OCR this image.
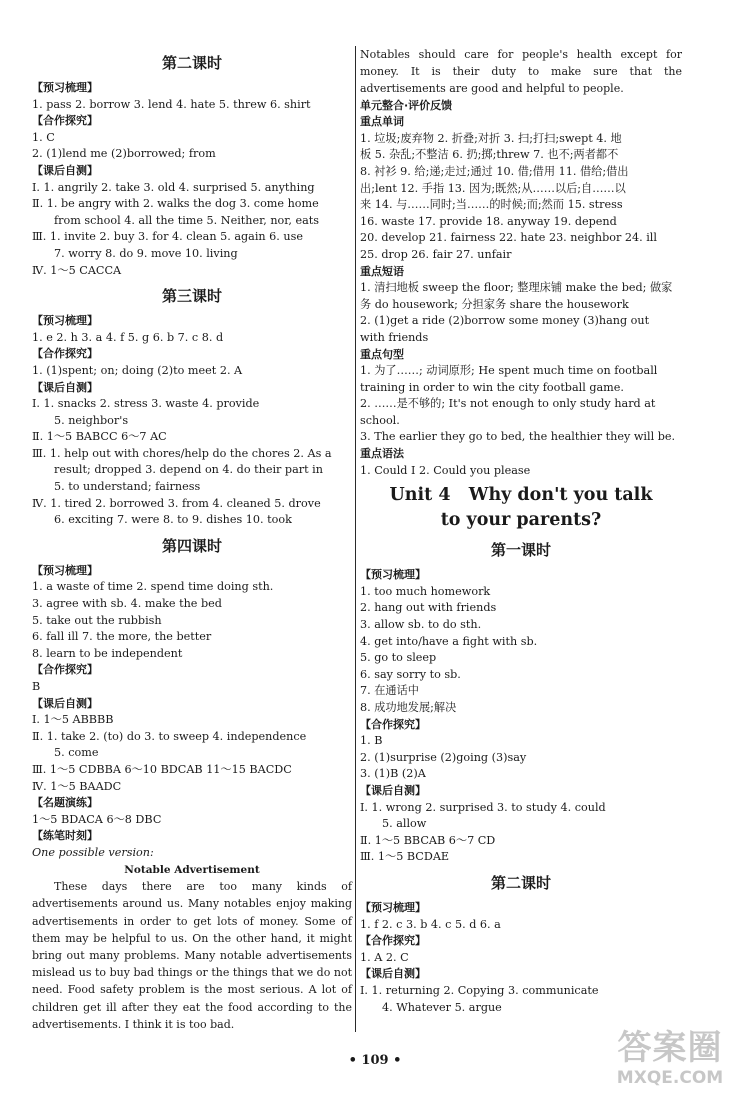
第二课时
【预习梳理】
1. pass 2. borrow 3. lend 4. hate 5. threw 6. shirt
【合作探究】
1. C
2. (1)lend me (2)borrowed; from
【课后自测】
Ⅰ. 1. angrily 2. take 3. old 4. surprised 5. anything
Ⅱ. 1. be angry with 2. walks the dog 3. come home
from school 4. all the time 5. Neither, nor, eats
Ⅲ. 1. invite 2. buy 3. for 4. clean 5. again 6. use
7. worry 8. do 9. move 10. living
Ⅳ. 1～5 CACCA
第三课时
【预习梳理】
1. e 2. h 3. a 4. f 5. g 6. b 7. c 8. d
【合作探究】
1. (1)spent; on; doing (2)to meet 2. A
【课后自测】
Ⅰ. 1. snacks 2. stress 3. waste 4. provide
5. neighbor's
Ⅱ. 1～5 BABCC 6～7 AC
Ⅲ. 1. help out with chores/help do the chores 2. As a
result; dropped 3. depend on 4. do their part in
5. to understand; fairness
Ⅳ. 1. tired 2. borrowed 3. from 4. cleaned 5. drove
6. exciting 7. were 8. to 9. dishes 10. took
第四课时
【预习梳理】
1. a waste of time 2. spend time doing sth.
3. agree with sb. 4. make the bed
5. take out the rubbish
6. fall ill 7. the more, the better
8. learn to be independent
【合作探究】
B
【课后自测】
Ⅰ. 1～5 ABBBB
Ⅱ. 1. take 2. (to) do 3. to sweep 4. independence
5. come
Ⅲ. 1～5 CDBBA 6～10 BDCAB 11～15 BACDC
Ⅳ. 1～5 BAADC
【名题演练】
1～5 BDACA 6～8 DBC
【练笔时刻】
One possible version:
Notable Advertisement
These days there are too many kinds of advertisements around us. Many notables enjoy making advertisements in order to get lots of money. Some of them may be helpful to us. On the other hand, it might bring out many problems. Many notable advertisements mislead us to buy bad things or the things that we do not need. Food safety problem is the most serious. A lot of children get ill after they eat the food according to the advertisements. I think it is too bad.
Notables should care for people's health except for money. It is their duty to make sure that the advertisements are good and helpful to people.
单元整合·评价反馈
重点单词
1. 垃圾;废弃物 2. 折叠;对折 3. 扫;打扫;swept 4. 地
板 5. 杂乱;不整洁 6. 扔;掷;threw 7. 也不;两者都不
8. 衬衫 9. 给;递;走过;通过 10. 借;借用 11. 借给;借出
出;lent 12. 手指 13. 因为;既然;从……以后;自……以
来 14. 与……同时;当……的时候;而;然而 15. stress
16. waste 17. provide 18. anyway 19. depend
20. develop 21. fairness 22. hate 23. neighbor 24. ill
25. drop 26. fair 27. unfair
重点短语
1. 清扫地板 sweep the floor; 整理床铺 make the bed; 做家
务 do housework; 分担家务 share the housework
2. (1)get a ride (2)borrow some money (3)hang out
with friends
重点句型
1. 为了……; 动词原形; He spent much time on football
training in order to win the city football game.
2. ……是不够的; It's not enough to only study hard at
school.
3. The earlier they go to bed, the healthier they will be.
重点语法
1. Could I 2. Could you please
Unit 4   Why don't you talk
to your parents?
第一课时
【预习梳理】
1. too much homework
2. hang out with friends
3. allow sb. to do sth.
4. get into/have a fight with sb.
5. go to sleep
6. say sorry to sb.
7. 在通话中
8. 成功地发展;解决
【合作探究】
1. B
2. (1)surprise (2)going (3)say
3. (1)B (2)A
【课后自测】
Ⅰ. 1. wrong 2. surprised 3. to study 4. could
5. allow
Ⅱ. 1～5 BBCAB 6～7 CD
Ⅲ. 1～5 BCDAE
第二课时
【预习梳理】
1. f 2. c 3. b 4. c 5. d 6. a
【合作探究】
1. A 2. C
【课后自测】
Ⅰ. 1. returning 2. Copying 3. communicate
4. Whatever 5. argue
• 109 •	答案圈
MXQE.COM
